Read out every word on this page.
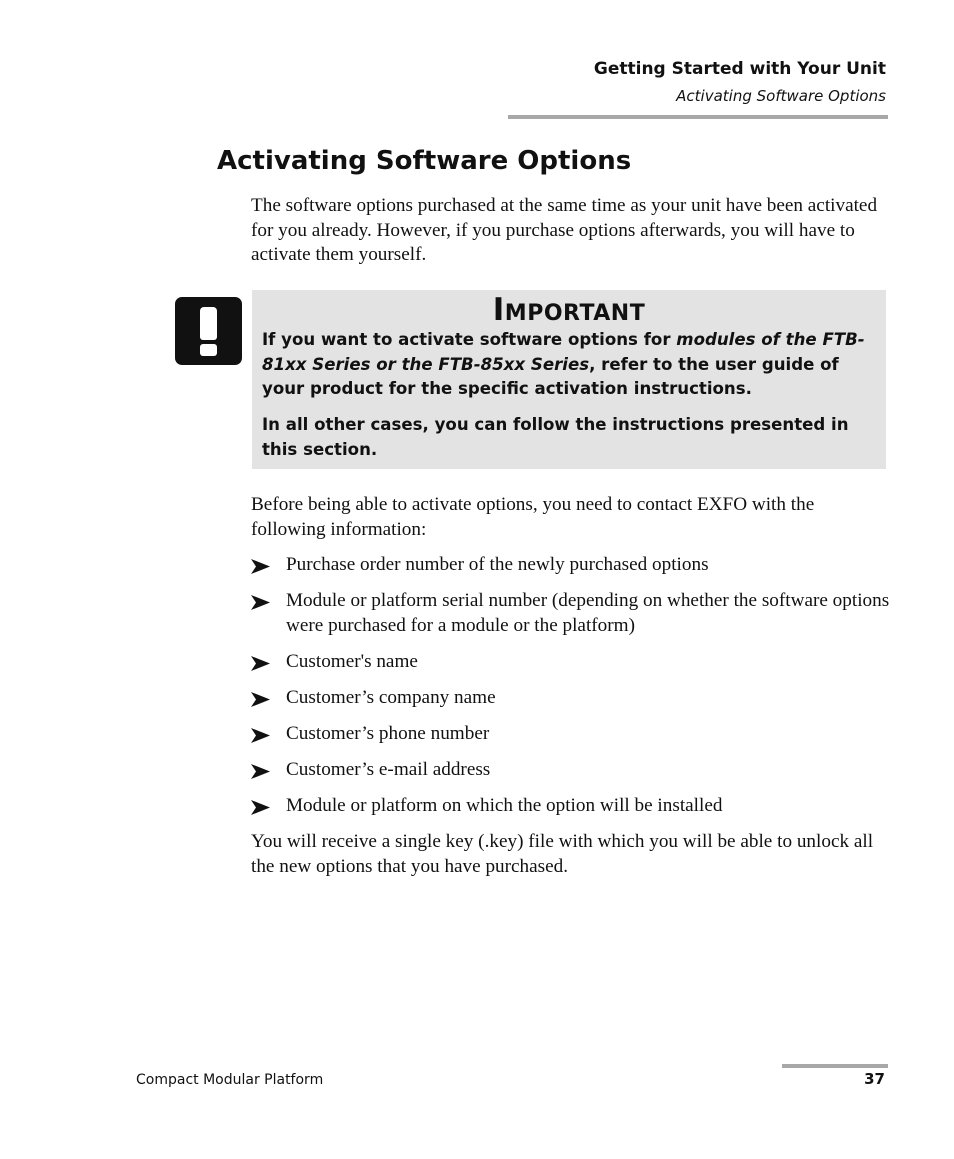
Getting Started with Your Unit
Activating Software Options
Activating Software Options

The software options purchased at the same time as your unit have been activated for you already. However, if you purchase options afterwards, you will have to activate them yourself.

Important

If you want to activate software options for modules of the FTB-81xx Series or the FTB-85xx Series, refer to the user guide of your product for the specific activation instructions.

In all other cases, you can follow the instructions presented in this section.

Before being able to activate options, you need to contact EXFO with the following information:

Purchase order number of the newly purchased options
Module or platform serial number (depending on whether the software options were purchased for a module or the platform)
Customer's name
Customer’s company name
Customer’s phone number
Customer’s e-mail address
Module or platform on which the option will be installed

You will receive a single key (.key) file with which you will be able to unlock all the new options that you have purchased.

Compact Modular Platform	37
